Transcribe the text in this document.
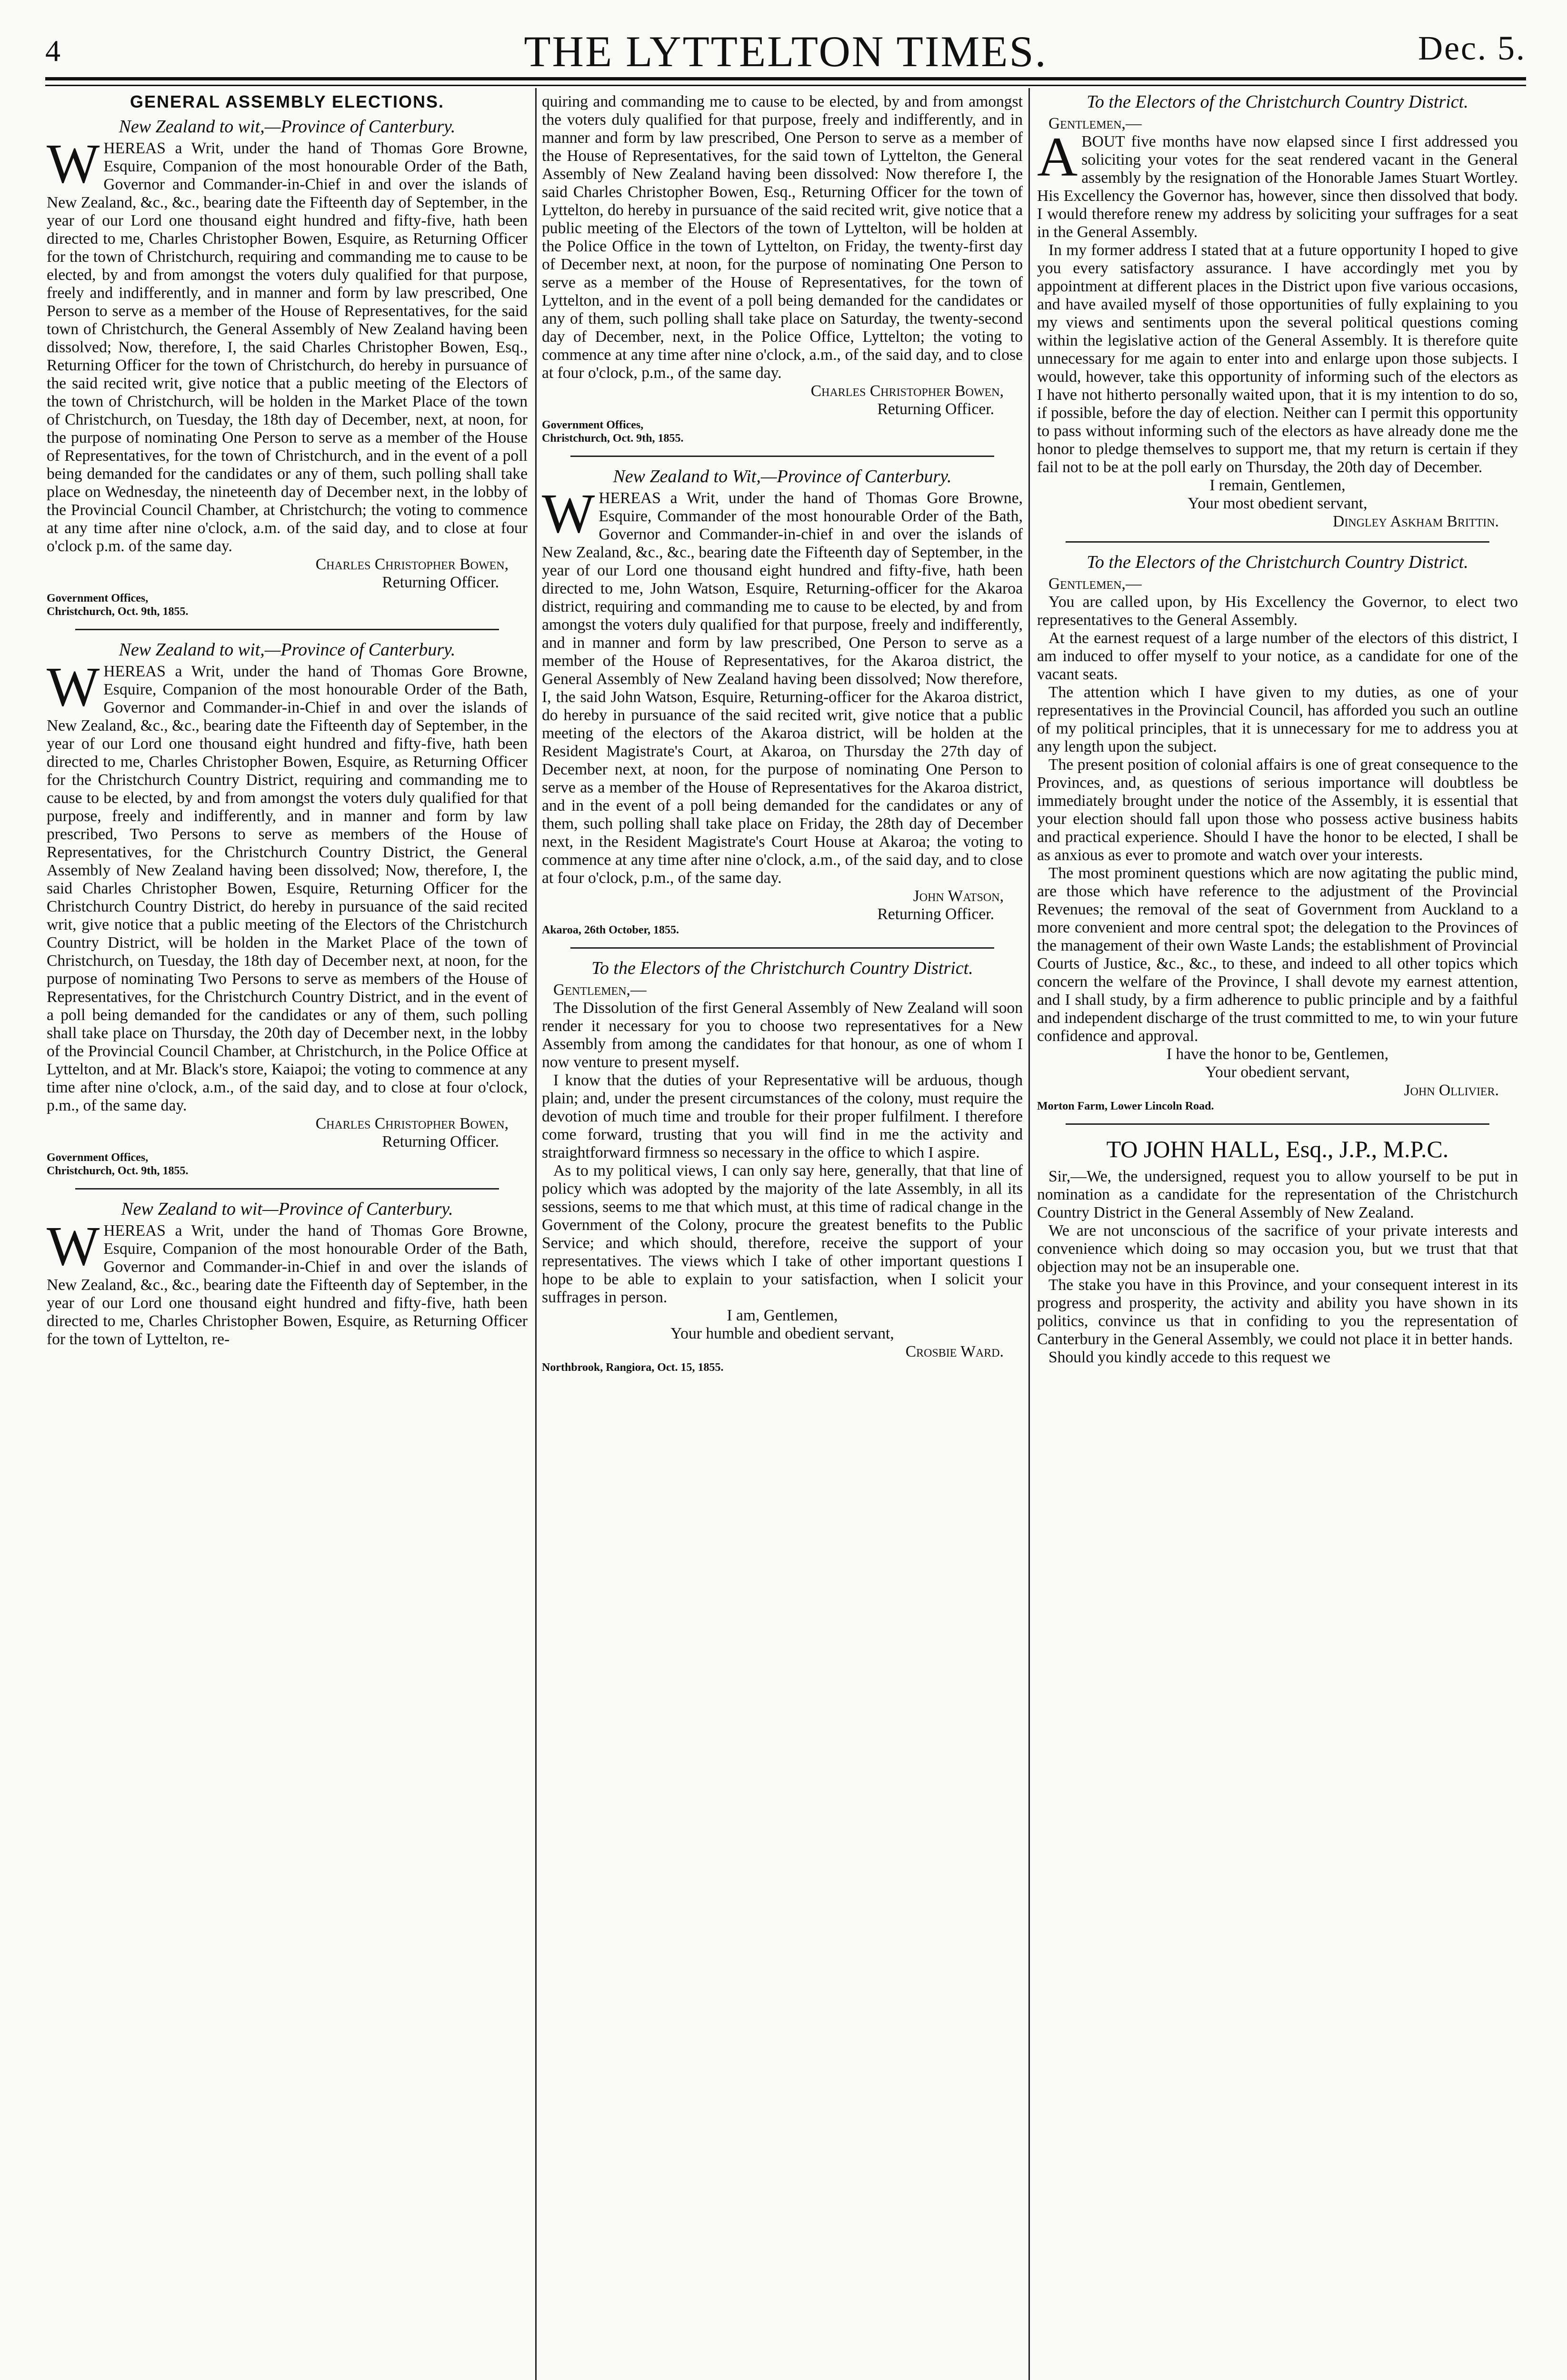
4	THE LYTTELTON TIMES.	Dec. 5.
GENERAL ASSEMBLY ELECTIONS.
New Zealand to wit,—Province of Canterbury.

WHEREAS a Writ, under the hand of Thomas Gore Browne, Esquire, Companion of the most honourable Order of the Bath, Governor and Commander-in-Chief in and over the islands of New Zealand, &c., &c., bearing date the Fifteenth day of September, in the year of our Lord one thousand eight hundred and fifty-five, hath been directed to me, Charles Christopher Bowen, Esquire, as Returning Officer for the town of Christchurch, requiring and commanding me to cause to be elected, by and from amongst the voters duly qualified for that purpose, freely and indifferently, and in manner and form by law prescribed, One Person to serve as a member of the House of Representatives, for the said town of Christchurch, the General Assembly of New Zealand having been dissolved; Now, therefore, I, the said Charles Christopher Bowen, Esq., Returning Officer for the town of Christchurch, do hereby in pursuance of the said recited writ, give notice that a public meeting of the Electors of the town of Christchurch, will be holden in the Market Place of the town of Christchurch, on Tuesday, the 18th day of December, next, at noon, for the purpose of nominating One Person to serve as a member of the House of Representatives, for the town of Christchurch, and in the event of a poll being demanded for the candidates or any of them, such polling shall take place on Wednesday, the nineteenth day of December next, in the lobby of the Provincial Council Chamber, at Christchurch; the voting to commence at any time after nine o'clock, a.m. of the said day, and to close at four o'clock p.m. of the same day.

Charles Christopher Bowen,
Returning Officer.
Government Offices,
Christchurch, Oct. 9th, 1855.
New Zealand to wit,—Province of Canterbury.

WHEREAS a Writ, under the hand of Thomas Gore Browne, Esquire, Companion of the most honourable Order of the Bath, Governor and Commander-in-Chief in and over the islands of New Zealand, &c., &c., bearing date the Fifteenth day of September, in the year of our Lord one thousand eight hundred and fifty-five, hath been directed to me, Charles Christopher Bowen, Esquire, as Returning Officer for the Christchurch Country District, requiring and commanding me to cause to be elected, by and from amongst the voters duly qualified for that purpose, freely and indifferently, and in manner and form by law prescribed, Two Persons to serve as members of the House of Representatives, for the Christchurch Country District, the General Assembly of New Zealand having been dissolved; Now, therefore, I, the said Charles Christopher Bowen, Esquire, Returning Officer for the Christchurch Country District, do hereby in pursuance of the said recited writ, give notice that a public meeting of the Electors of the Christchurch Country District, will be holden in the Market Place of the town of Christchurch, on Tuesday, the 18th day of December next, at noon, for the purpose of nominating Two Persons to serve as members of the House of Representatives, for the Christchurch Country District, and in the event of a poll being demanded for the candidates or any of them, such polling shall take place on Thursday, the 20th day of December next, in the lobby of the Provincial Council Chamber, at Christchurch, in the Police Office at Lyttelton, and at Mr. Black's store, Kaiapoi; the voting to commence at any time after nine o'clock, a.m., of the said day, and to close at four o'clock, p.m., of the same day.

Charles Christopher Bowen,
Returning Officer.
Government Offices,
Christchurch, Oct. 9th, 1855.
New Zealand to wit—Province of Canterbury.

WHEREAS a Writ, under the hand of Thomas Gore Browne, Esquire, Companion of the most honourable Order of the Bath, Governor and Commander-in-Chief in and over the islands of New Zealand, &c., &c., bearing date the Fifteenth day of September, in the year of our Lord one thousand eight hundred and fifty-five, hath been directed to me, Charles Christopher Bowen, Esquire, as Returning Officer for the town of Lyttelton, re-

quiring and commanding me to cause to be elected, by and from amongst the voters duly qualified for that purpose, freely and indifferently, and in manner and form by law prescribed, One Person to serve as a member of the House of Representatives, for the said town of Lyttelton, the General Assembly of New Zealand having been dissolved: Now therefore I, the said Charles Christopher Bowen, Esq., Returning Officer for the town of Lyttelton, do hereby in pursuance of the said recited writ, give notice that a public meeting of the Electors of the town of Lyttelton, will be holden at the Police Office in the town of Lyttelton, on Friday, the twenty-first day of December next, at noon, for the purpose of nominating One Person to serve as a member of the House of Representatives, for the town of Lyttelton, and in the event of a poll being demanded for the candidates or any of them, such polling shall take place on Saturday, the twenty-second day of December, next, in the Police Office, Lyttelton; the voting to commence at any time after nine o'clock, a.m., of the said day, and to close at four o'clock, p.m., of the same day.

Charles Christopher Bowen,
Returning Officer.
Government Offices,
Christchurch, Oct. 9th, 1855.
New Zealand to Wit,—Province of Canterbury.

WHEREAS a Writ, under the hand of Thomas Gore Browne, Esquire, Commander of the most honourable Order of the Bath, Governor and Commander-in-chief in and over the islands of New Zealand, &c., &c., bearing date the Fifteenth day of September, in the year of our Lord one thousand eight hundred and fifty-five, hath been directed to me, John Watson, Esquire, Returning-officer for the Akaroa district, requiring and commanding me to cause to be elected, by and from amongst the voters duly qualified for that purpose, freely and indifferently, and in manner and form by law prescribed, One Person to serve as a member of the House of Representatives, for the Akaroa district, the General Assembly of New Zealand having been dissolved; Now therefore, I, the said John Watson, Esquire, Returning-officer for the Akaroa district, do hereby in pursuance of the said recited writ, give notice that a public meeting of the electors of the Akaroa district, will be holden at the Resident Magistrate's Court, at Akaroa, on Thursday the 27th day of December next, at noon, for the purpose of nominating One Person to serve as a member of the House of Representatives for the Akaroa district, and in the event of a poll being demanded for the candidates or any of them, such polling shall take place on Friday, the 28th day of December next, in the Resident Magistrate's Court House at Akaroa; the voting to commence at any time after nine o'clock, a.m., of the said day, and to close at four o'clock, p.m., of the same day.

John Watson,
Returning Officer.
Akaroa, 26th October, 1855.
To the Electors of the Christchurch Country District.

Gentlemen,—

The Dissolution of the first General Assembly of New Zealand will soon render it necessary for you to choose two representatives for a New Assembly from among the candidates for that honour, as one of whom I now venture to present myself.

I know that the duties of your Representative will be arduous, though plain; and, under the present circumstances of the colony, must require the devotion of much time and trouble for their proper fulfilment. I therefore come forward, trusting that you will find in me the activity and straightforward firmness so necessary in the office to which I aspire.

As to my political views, I can only say here, generally, that that line of policy which was adopted by the majority of the late Assembly, in all its sessions, seems to me that which must, at this time of radical change in the Government of the Colony, procure the greatest benefits to the Public Service; and which should, therefore, receive the support of your representatives. The views which I take of other important questions I hope to be able to explain to your satisfaction, when I solicit your suffrages in person.

I am, Gentlemen,
Your humble and obedient servant,
Crosbie Ward.
Northbrook, Rangiora, Oct. 15, 1855.
To the Electors of the Christchurch Country District.

Gentlemen,—

ABOUT five months have now elapsed since I first addressed you soliciting your votes for the seat rendered vacant in the General assembly by the resignation of the Honorable James Stuart Wortley. His Excellency the Governor has, however, since then dissolved that body. I would therefore renew my address by soliciting your suffrages for a seat in the General Assembly.

In my former address I stated that at a future opportunity I hoped to give you every satisfactory assurance. I have accordingly met you by appointment at different places in the District upon five various occasions, and have availed myself of those opportunities of fully explaining to you my views and sentiments upon the several political questions coming within the legislative action of the General Assembly. It is therefore quite unnecessary for me again to enter into and enlarge upon those subjects. I would, however, take this opportunity of informing such of the electors as I have not hitherto personally waited upon, that it is my intention to do so, if possible, before the day of election. Neither can I permit this opportunity to pass without informing such of the electors as have already done me the honor to pledge themselves to support me, that my return is certain if they fail not to be at the poll early on Thursday, the 20th day of December.

I remain, Gentlemen,
Your most obedient servant,
Dingley Askham Brittin.
To the Electors of the Christchurch Country District.

Gentlemen,—

You are called upon, by His Excellency the Governor, to elect two representatives to the General Assembly.

At the earnest request of a large number of the electors of this district, I am induced to offer myself to your notice, as a candidate for one of the vacant seats.

The attention which I have given to my duties, as one of your representatives in the Provincial Council, has afforded you such an outline of my political principles, that it is unnecessary for me to address you at any length upon the subject.

The present position of colonial affairs is one of great consequence to the Provinces, and, as questions of serious importance will doubtless be immediately brought under the notice of the Assembly, it is essential that your election should fall upon those who possess active business habits and practical experience. Should I have the honor to be elected, I shall be as anxious as ever to promote and watch over your interests.

The most prominent questions which are now agitating the public mind, are those which have reference to the adjustment of the Provincial Revenues; the removal of the seat of Government from Auckland to a more convenient and more central spot; the delegation to the Provinces of the management of their own Waste Lands; the establishment of Provincial Courts of Justice, &c., &c., to these, and indeed to all other topics which concern the welfare of the Province, I shall devote my earnest attention, and I shall study, by a firm adherence to public principle and by a faithful and independent discharge of the trust committed to me, to win your future confidence and approval.

I have the honor to be, Gentlemen,
Your obedient servant,
John Ollivier.
Morton Farm, Lower Lincoln Road.
TO JOHN HALL, Esq., J.P., M.P.C.

Sir,—We, the undersigned, request you to allow yourself to be put in nomination as a candidate for the representation of the Christchurch Country District in the General Assembly of New Zealand.

We are not unconscious of the sacrifice of your private interests and convenience which doing so may occasion you, but we trust that that objection may not be an insuperable one.

The stake you have in this Province, and your consequent interest in its progress and prosperity, the activity and ability you have shown in its politics, convince us that in confiding to you the representation of Canterbury in the General Assembly, we could not place it in better hands.

Should you kindly accede to this request we
